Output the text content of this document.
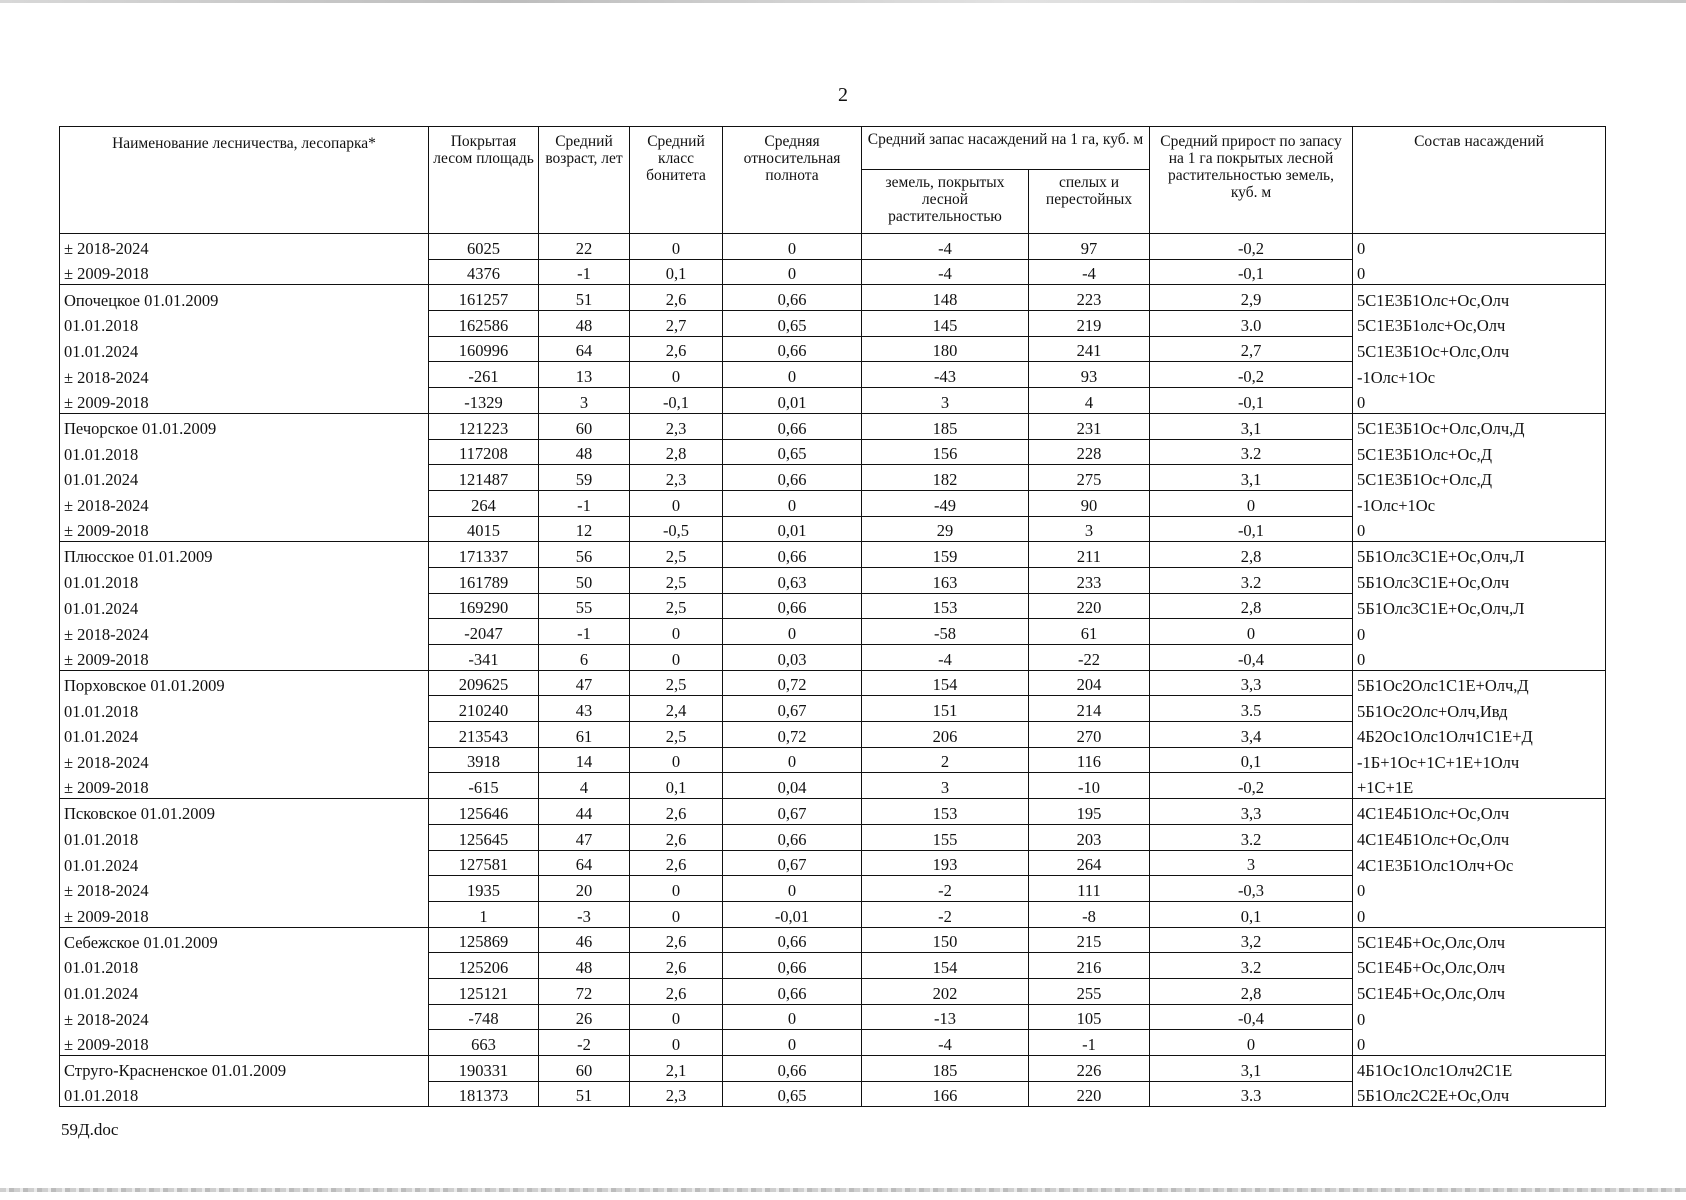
2
Наименование лесничества, лесопарка*	Покрытая лесом площадь	Средний возраст, лет	Средний класс бонитета	Средняя относительная полнота	Средний запас насаждений на 1 га, куб. м		Средний прирост по запасу на 1 га покрытых лесной растительностью земель, куб. м	Состав насаждений
					земель, покрытых лесной растительностью	спелых и перестойных		
± 2018-2024	6025	22	0	0	-4	97	-0,2	0
± 2009-2018	4376	-1	0,1	0	-4	-4	-0,1	0
Опочецкое 01.01.2009	161257	51	2,6	0,66	148	223	2,9	5С1Е3Б1Олс+Ос,Олч
01.01.2018	162586	48	2,7	0,65	145	219	3.0	5С1Е3Б1олс+Ос,Олч
01.01.2024	160996	64	2,6	0,66	180	241	2,7	5С1Е3Б1Ос+Олс,Олч
± 2018-2024	-261	13	0	0	-43	93	-0,2	-1Олс+1Ос
± 2009-2018	-1329	3	-0,1	0,01	3	4	-0,1	0
Печорское 01.01.2009	121223	60	2,3	0,66	185	231	3,1	5С1Е3Б1Ос+Олс,Олч,Д
01.01.2018	117208	48	2,8	0,65	156	228	3.2	5С1Е3Б1Олс+Ос,Д
01.01.2024	121487	59	2,3	0,66	182	275	3,1	5С1Е3Б1Ос+Олс,Д
± 2018-2024	264	-1	0	0	-49	90	0	-1Олс+1Ос
± 2009-2018	4015	12	-0,5	0,01	29	3	-0,1	0
Плюсское 01.01.2009	171337	56	2,5	0,66	159	211	2,8	5Б1Олс3С1Е+Ос,Олч,Л
01.01.2018	161789	50	2,5	0,63	163	233	3.2	5Б1Олс3С1Е+Ос,Олч
01.01.2024	169290	55	2,5	0,66	153	220	2,8	5Б1Олс3С1Е+Ос,Олч,Л
± 2018-2024	-2047	-1	0	0	-58	61	0	0
± 2009-2018	-341	6	0	0,03	-4	-22	-0,4	0
Порховское 01.01.2009	209625	47	2,5	0,72	154	204	3,3	5Б1Ос2Олс1С1Е+Олч,Д
01.01.2018	210240	43	2,4	0,67	151	214	3.5	5Б1Ос2Олс+Олч,Ивд
01.01.2024	213543	61	2,5	0,72	206	270	3,4	4Б2Ос1Олс1Олч1С1Е+Д
± 2018-2024	3918	14	0	0	2	116	0,1	-1Б+1Ос+1С+1Е+1Олч
± 2009-2018	-615	4	0,1	0,04	3	-10	-0,2	+1С+1Е
Псковское 01.01.2009	125646	44	2,6	0,67	153	195	3,3	4С1Е4Б1Олс+Ос,Олч
01.01.2018	125645	47	2,6	0,66	155	203	3.2	4С1Е4Б1Олс+Ос,Олч
01.01.2024	127581	64	2,6	0,67	193	264	3	4С1Е3Б1Олс1Олч+Ос
± 2018-2024	1935	20	0	0	-2	111	-0,3	0
± 2009-2018	1	-3	0	-0,01	-2	-8	0,1	0
Себежское 01.01.2009	125869	46	2,6	0,66	150	215	3,2	5С1Е4Б+Ос,Олс,Олч
01.01.2018	125206	48	2,6	0,66	154	216	3.2	5С1Е4Б+Ос,Олс,Олч
01.01.2024	125121	72	2,6	0,66	202	255	2,8	5С1Е4Б+Ос,Олс,Олч
± 2018-2024	-748	26	0	0	-13	105	-0,4	0
± 2009-2018	663	-2	0	0	-4	-1	0	0
Струго-Красненское 01.01.2009	190331	60	2,1	0,66	185	226	3,1	4Б1Ос1Олс1Олч2С1Е
01.01.2018	181373	51	2,3	0,65	166	220	3.3	5Б1Олс2С2Е+Ос,Олч
59Д.doc
